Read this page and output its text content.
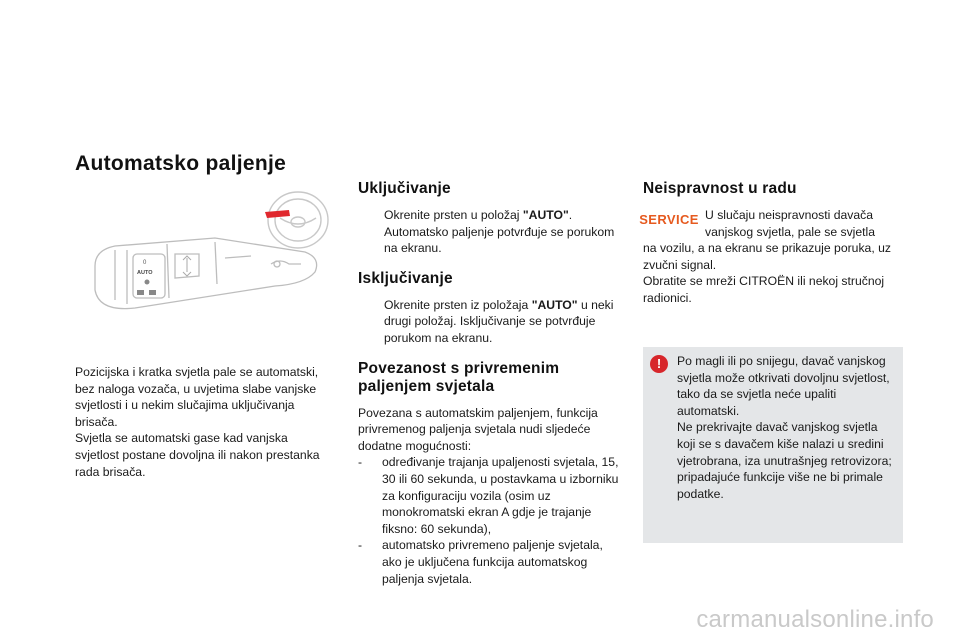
Automatsko paljenje
0
AUTO
Pozicijska i kratka svjetla pale se automatski, bez naloga vozača, u uvjetima slabe vanjske svjetlosti i u nekim slučajima uključivanja brisača.
Svjetla se automatski gase kad vanjska svjetlost postane dovoljna ili nakon prestanka rada brisača.
Uključivanje
Okrenite prsten u položaj "AUTO". Automatsko paljenje potvrđuje se porukom na ekranu.
Isključivanje
Okrenite prsten iz položaja "AUTO" u neki drugi položaj. Isključivanje se potvrđuje porukom na ekranu.
Povezanost s privremenim paljenjem svjetala
Povezana s automatskim paljenjem, funkcija privremenog paljenja svjetala nudi sljedeće dodatne mogućnosti:
-	određivanje trajanja upaljenosti svjetala, 15, 30 ili 60 sekunda, u postavkama u izborniku za konfiguraciju vozila (osim uz monokromatski ekran A gdje je trajanje fiksno: 60 sekunda),
-	automatsko privremeno paljenje svjetala, ako je uključena funkcija automatskog paljenja svjetala.
Neispravnost u radu
SERVICE U slučaju neispravnosti davača vanjskog svjetla, pale se svjetla
na vozilu, a na ekranu se prikazuje poruka, uz zvučni signal.
Obratite se mreži CITROËN ili nekoj stručnoj radionici.
!	Po magli ili po snijegu, davač vanjskog svjetla može otkrivati dovoljnu svjetlost, tako da se svjetla neće upaliti automatski.
Ne prekrivajte davač vanjskog svjetla koji se s davačem kiše nalazi u sredini vjetrobrana, iza unutrašnjeg retrovizora; pripadajuće funkcije više ne bi primale podatke.
carmanualsonline.info
